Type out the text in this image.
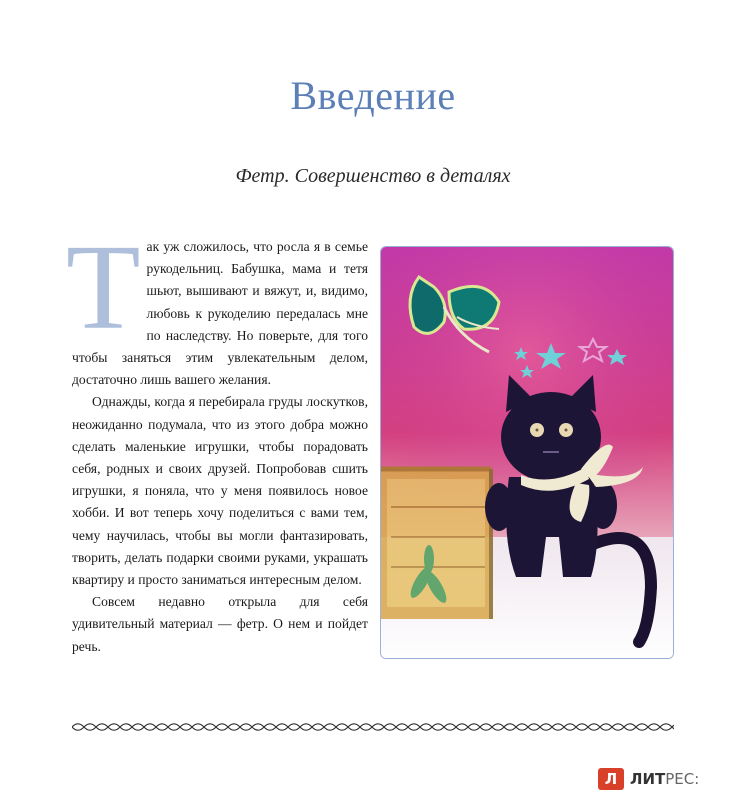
Введение
Фетр. Совершенство в деталях

Так уж сложилось, что росла я в семье рукодельниц. Бабушка, мама и тетя шьют, вышивают и вяжут, и, видимо, любовь к рукоделию передалась мне по наследству. Но поверьте, для того чтобы заняться этим увлекательным делом, достаточно лишь вашего желания.

Однажды, когда я перебирала груды лоскутков, неожиданно подумала, что из этого добра можно сделать маленькие игрушки, чтобы порадовать себя, родных и своих друзей. Попробовав сшить игрушки, я поняла, что у меня появилось новое хобби. И вот теперь хочу поделиться с вами тем, чему научилась, чтобы вы могли фантазировать, творить, делать подарки своими руками, украшать квартиру и просто заниматься интересным делом.

Совсем недавно открыла для себя удивительный материал — фетр. О нем и пойдет речь.

Л ЛИТРЕС:
